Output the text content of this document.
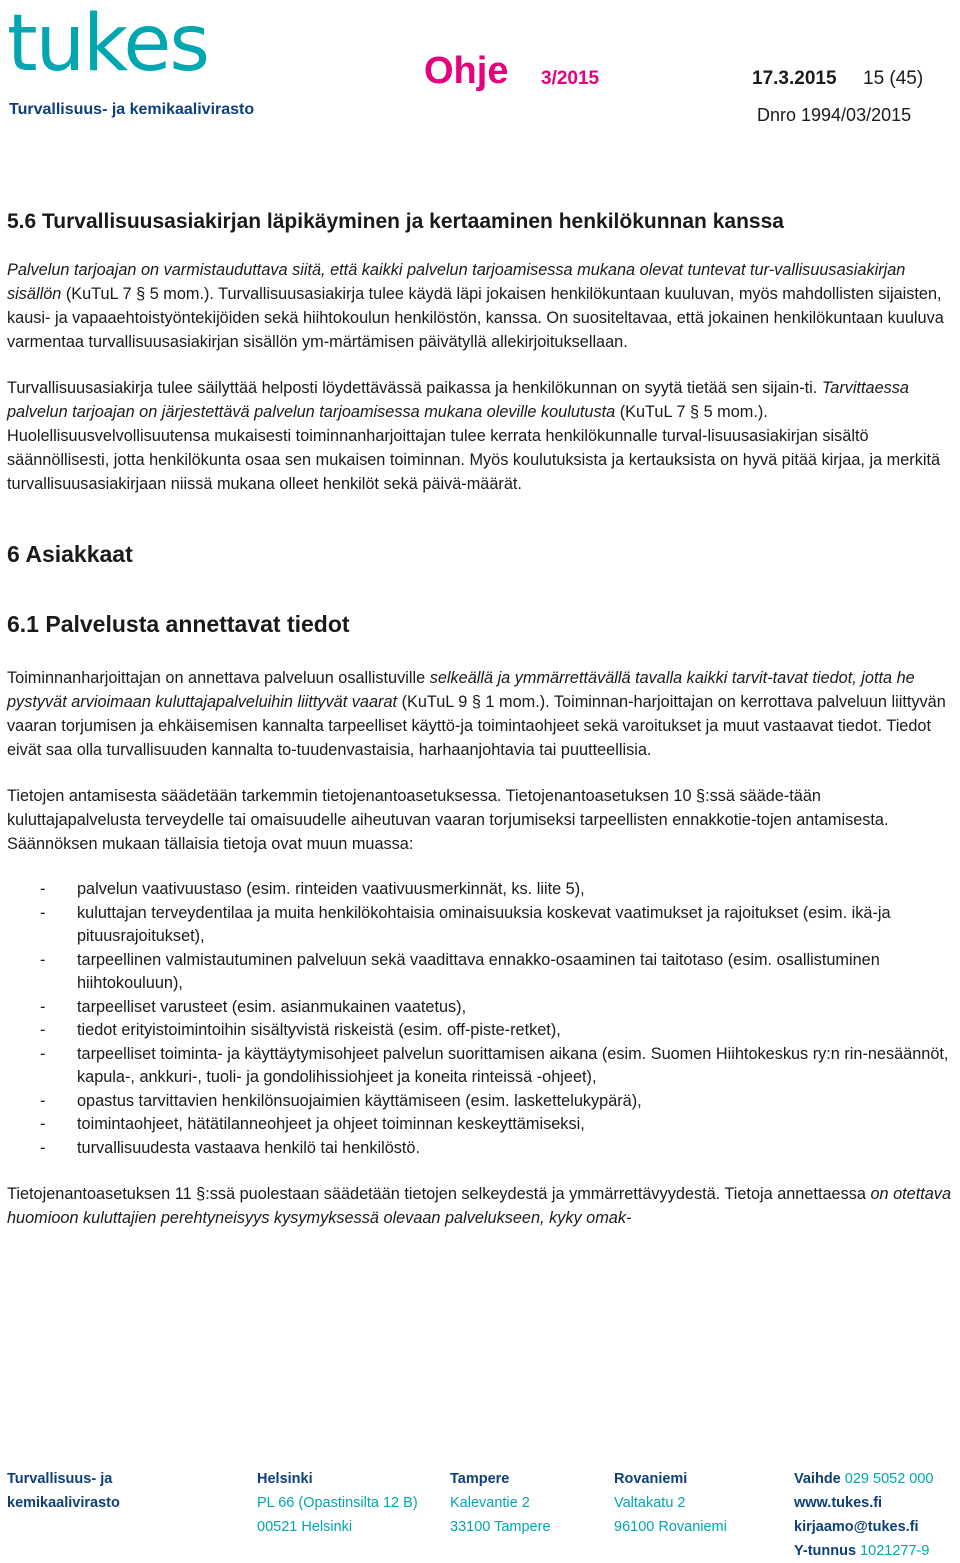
tukes
Turvallisuus- ja kemikaalivirasto
Ohje 3/2015	17.3.2015 15 (45)
Dnro 1994/03/2015
5.6 Turvallisuusasiakirjan läpikäyminen ja kertaaminen henkilökunnan kanssa

Palvelun tarjoajan on varmistauduttava siitä, että kaikki palvelun tarjoamisessa mukana olevat tuntevat tur-vallisuusasiakirjan sisällön (KuTuL 7 § 5 mom.). Turvallisuusasiakirja tulee käydä läpi jokaisen henkilökuntaan kuuluvan, myös mahdollisten sijaisten, kausi- ja vapaaehtoistyöntekijöiden sekä hiihtokoulun henkilöstön, kanssa. On suositeltavaa, että jokainen henkilökuntaan kuuluva varmentaa turvallisuusasiakirjan sisällön ym-märtämisen päivätyllä allekirjoituksellaan.

Turvallisuusasiakirja tulee säilyttää helposti löydettävässä paikassa ja henkilökunnan on syytä tietää sen sijain-ti. Tarvittaessa palvelun tarjoajan on järjestettävä palvelun tarjoamisessa mukana oleville koulutusta (KuTuL 7 § 5 mom.). Huolellisuusvelvollisuutensa mukaisesti toiminnanharjoittajan tulee kerrata henkilökunnalle turval-lisuusasiakirjan sisältö säännöllisesti, jotta henkilökunta osaa sen mukaisen toiminnan. Myös koulutuksista ja kertauksista on hyvä pitää kirjaa, ja merkitä turvallisuusasiakirjaan niissä mukana olleet henkilöt sekä päivä-määrät.

6 Asiakkaat
6.1 Palvelusta annettavat tiedot

Toiminnanharjoittajan on annettava palveluun osallistuville selkeällä ja ymmärrettävällä tavalla kaikki tarvit-tavat tiedot, jotta he pystyvät arvioimaan kuluttajapalveluihin liittyvät vaarat (KuTuL 9 § 1 mom.). Toiminnan-harjoittajan on kerrottava palveluun liittyvän vaaran torjumisen ja ehkäisemisen kannalta tarpeelliset käyttö-ja toimintaohjeet sekä varoitukset ja muut vastaavat tiedot. Tiedot eivät saa olla turvallisuuden kannalta to-tuudenvastaisia, harhaanjohtavia tai puutteellisia.

Tietojen antamisesta säädetään tarkemmin tietojenantoasetuksessa. Tietojenantoasetuksen 10 §:ssä sääde-tään kuluttajapalvelusta terveydelle tai omaisuudelle aiheutuvan vaaran torjumiseksi tarpeellisten ennakkotie-tojen antamisesta. Säännöksen mukaan tällaisia tietoja ovat muun muassa:

- palvelun vaativuustaso (esim. rinteiden vaativuusmerkinnät, ks. liite 5),
- kuluttajan terveydentilaa ja muita henkilökohtaisia ominaisuuksia koskevat vaatimukset ja rajoitukset (esim. ikä-ja pituusrajoitukset),
- tarpeellinen valmistautuminen palveluun sekä vaadittava ennakko-osaaminen tai taitotaso (esim. osallistuminen hiihtokouluun),
- tarpeelliset varusteet (esim. asianmukainen vaatetus),
- tiedot erityistoimintoihin sisältyvistä riskeistä (esim. off-piste-retket),
- tarpeelliset toiminta- ja käyttäytymisohjeet palvelun suorittamisen aikana (esim. Suomen Hiihtokeskus ry:n rin-nesäännöt, kapula-, ankkuri-, tuoli- ja gondolihissiohjeet ja koneita rinteissä -ohjeet),
- opastus tarvittavien henkilönsuojaimien käyttämiseen (esim. laskettelukypärä),
- toimintaohjeet, hätätilanneohjeet ja ohjeet toiminnan keskeyttämiseksi,
- turvallisuudesta vastaava henkilö tai henkilöstö.

Tietojenantoasetuksen 11 §:ssä puolestaan säädetään tietojen selkeydestä ja ymmärrettävyydestä. Tietoja annettaessa on otettava huomioon kuluttajien perehtyneisyys kysymyksessä olevaan palvelukseen, kyky omak-

Turvallisuus- ja
kemikaalivirasto
Helsinki
PL 66 (Opastinsilta 12 B)
00521 Helsinki
Tampere
Kalevantie 2
33100 Tampere
Rovaniemi
Valtakatu 2
96100 Rovaniemi
Vaihde 029 5052 000
www.tukes.fi
kirjaamo@tukes.fi
Y-tunnus 1021277-9
